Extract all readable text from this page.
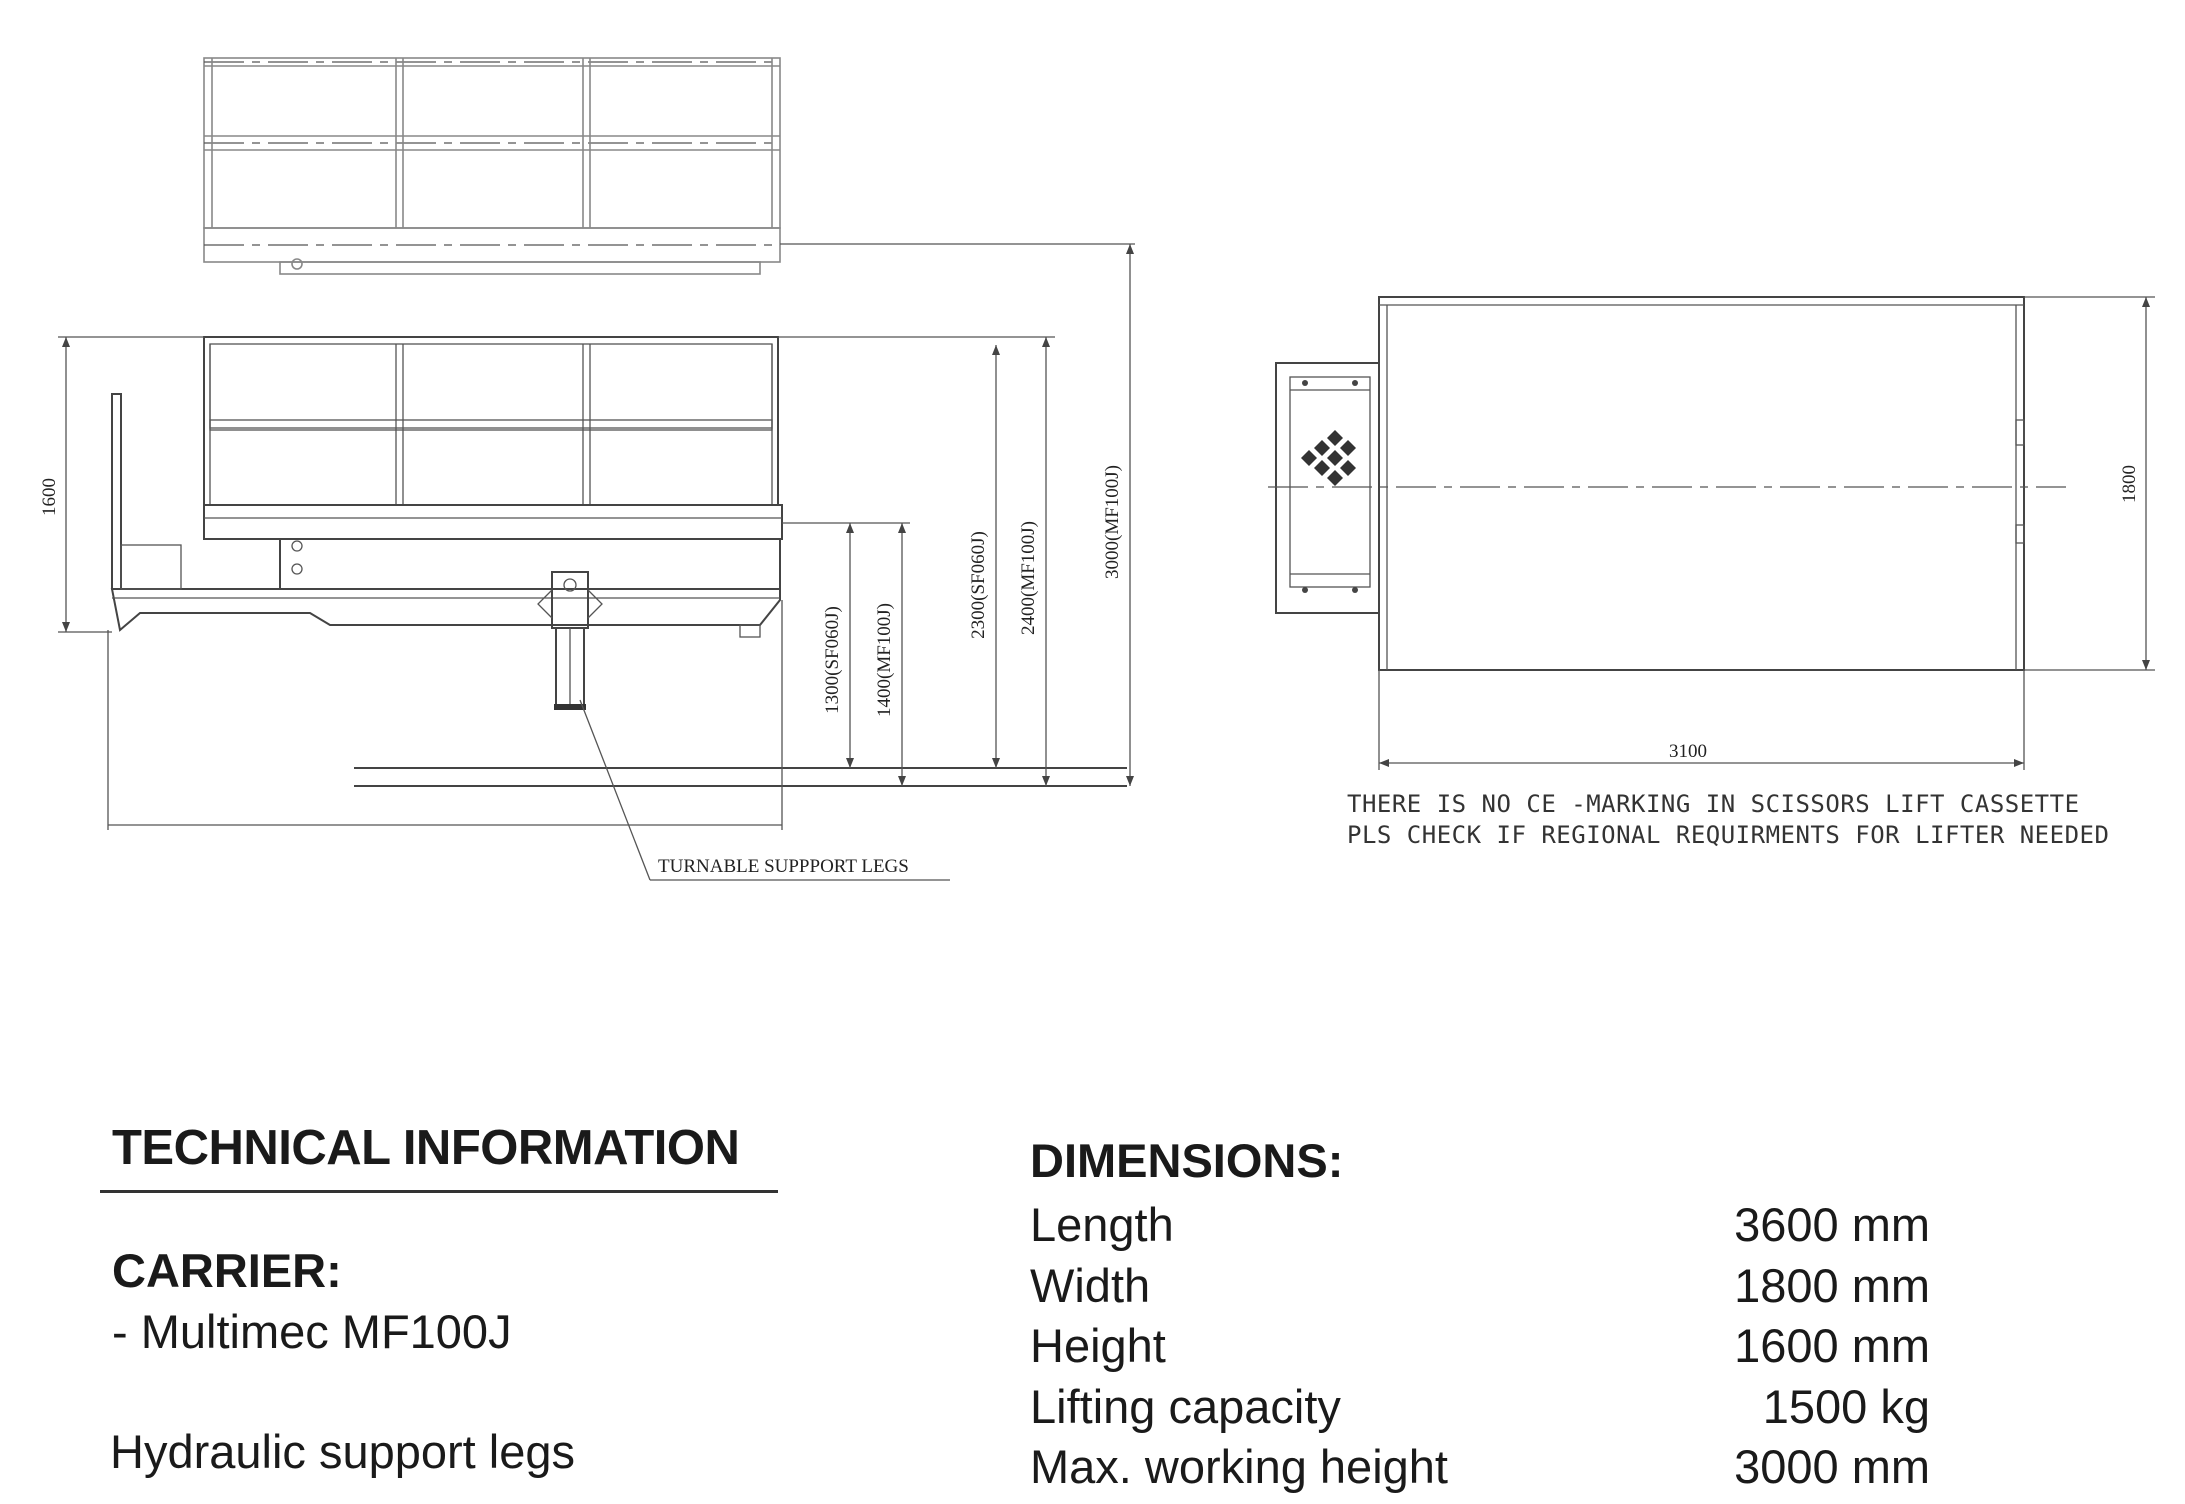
1600
1300(SF060J) 1400(MF100J)
2300(SF060J) 2400(MF100J)	3000(MF100J)
TURNABLE SUPPPORT LEGS
1800
3100
THERE IS NO CE -MARKING IN SCISSORS LIFT CASSETTE
PLS CHECK IF REGIONAL REQUIRMENTS FOR LIFTER NEEDED
TECHNICAL INFORMATION
CARRIER:
- Multimec MF100J
Hydraulic support legs
DIMENSIONS:
Length	3600 mm
Width	1800 mm
Height	1600 mm
Lifting capacity	1500 kg
Max. working height	3000 mm
